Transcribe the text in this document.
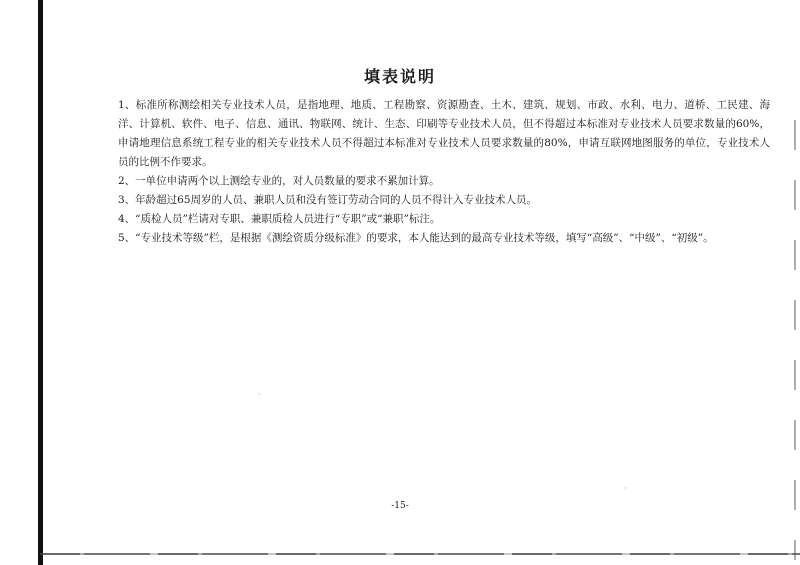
填表说明

1、标准所称测绘相关专业技术人员，是指地理、地质、工程勘察、资源勘查、土木、建筑、规划、市政、水利、电力、道桥、工民建、海洋、计算机、软件、电子、信息、通讯、物联网、统计、生态、印刷等专业技术人员，但不得超过本标准对专业技术人员要求数量的60%，申请地理信息系统工程专业的相关专业技术人员不得超过本标准对专业技术人员要求数量的80%，申请互联网地图服务的单位，专业技术人员的比例不作要求。

2、一单位申请两个以上测绘专业的，对人员数量的要求不累加计算。

3、年龄超过65周岁的人员、兼职人员和没有签订劳动合同的人员不得计入专业技术人员。

4、“质检人员”栏请对专职、兼职质检人员进行“专职”或“兼职”标注。

5、“专业技术等级”栏，是根据《测绘资质分级标准》的要求，本人能达到的最高专业技术等级，填写“高级”、“中级”、“初级”。

·
·
-15-
